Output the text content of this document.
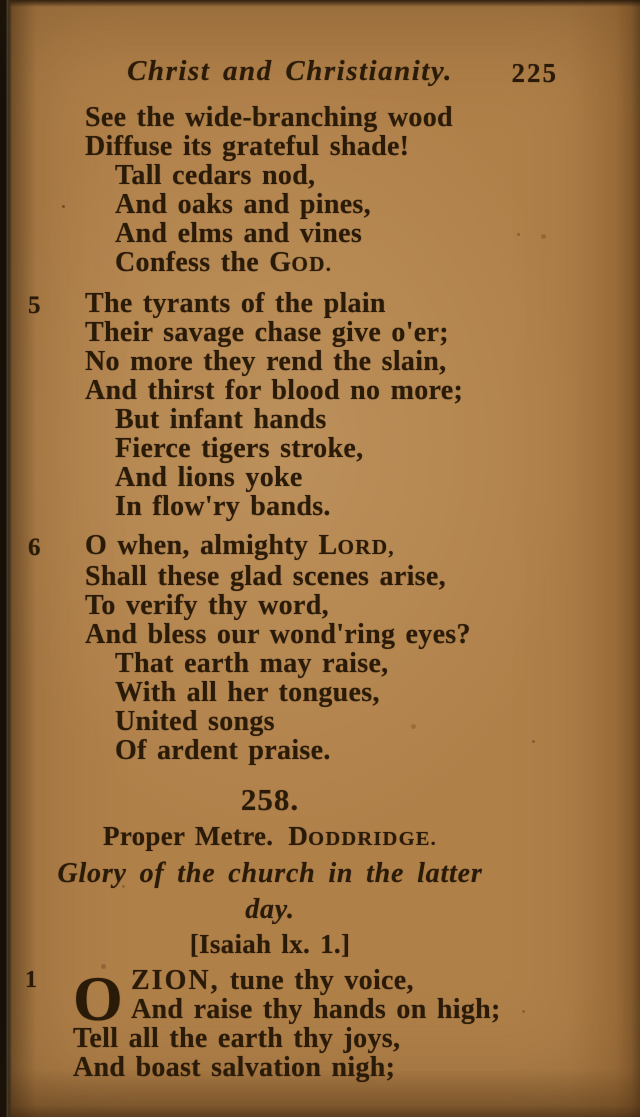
Christ and Christianity.	225
See the wide-branching wood
Diffuse its grateful shade!
Tall cedars nod,
And oaks and pines,
And elms and vines
Confess the GOD.
5 The tyrants of the plain
Their savage chase give o'er;
No more they rend the slain,
And thirst for blood no more;
But infant hands
Fierce tigers stroke,
And lions yoke
In flow'ry bands.
6 O when, almighty LORD,
Shall these glad scenes arise,
To verify thy word,
And bless our wond'ring eyes?
That earth may raise,
With all her tongues,
United songs
Of ardent praise.
258.
Proper Metre. DODDRIDGE.
Glory of the church in the latter day.
[Isaiah lx. 1.]
1 O ZION, tune thy voice,
And raise thy hands on high;
Tell all the earth thy joys,
And boast salvation nigh;
